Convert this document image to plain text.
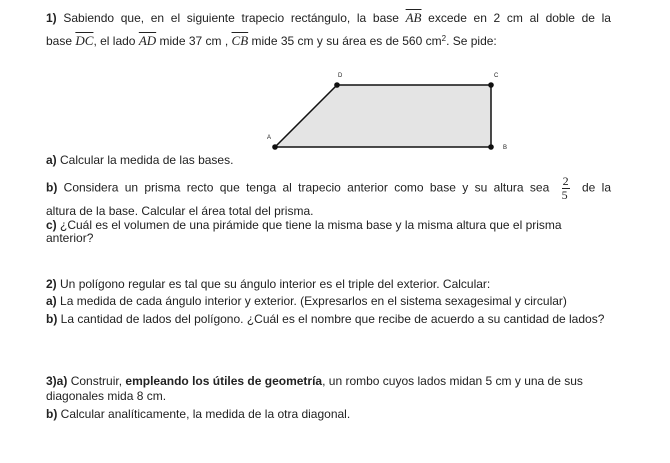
1) Sabiendo que, en el siguiente trapecio rectángulo, la base $\overline{AB}$ excede en 2 cm al doble de la
base $\overline{DC}$, el lado $\overline{AD}$ mide 37 cm , $\overline{CB}$ mide 35 cm y su área es de 560 $cm^2$. Se pide:
A
D	C
B
a) Calcular la medida de las bases.
b) Considera un prisma recto que tenga al trapecio anterior como base y su altura sea $\frac{2}{5}$ de la
altura de la base. Calcular el área total del prisma.
c) ¿Cuál es el volumen de una pirámide que tiene la misma base y la misma altura que el prisma anterior?
2) Un polígono regular es tal que su ángulo interior es el triple del exterior. Calcular:
a) La medida de cada ángulo interior y exterior. (Expresarlos en el sistema sexagesimal y circular)
b) La cantidad de lados del polígono. ¿Cuál es el nombre que recibe de acuerdo a su cantidad de lados?
3)a) Construir, empleando los útiles de geometría, un rombo cuyos lados midan 5 cm y una de sus diagonales mida 8 cm.
b) Calcular analíticamente, la medida de la otra diagonal.
